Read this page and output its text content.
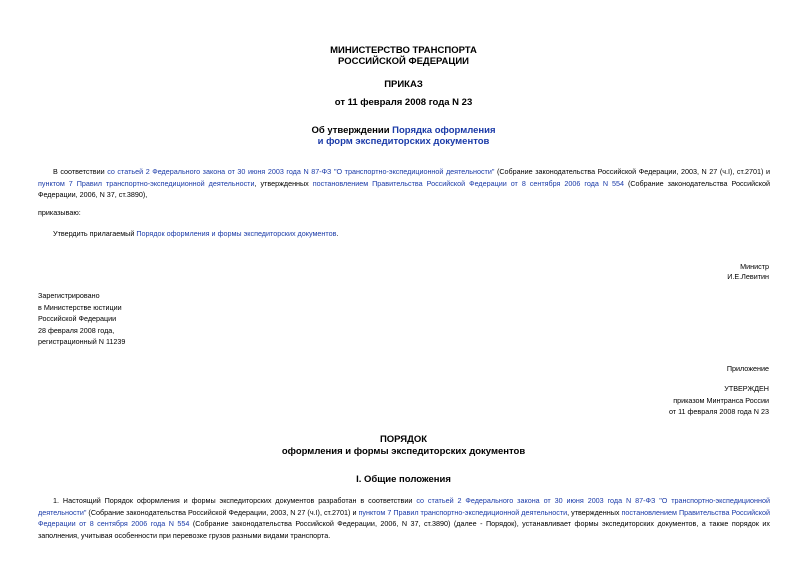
МИНИСТЕРСТВО ТРАНСПОРТА
РОССИЙСКОЙ ФЕДЕРАЦИИ
ПРИКАЗ
от 11 февраля 2008 года N 23
Об утверждении Порядка оформления
и форм экспедиторских документов
В соответствии со статьей 2 Федерального закона от 30 июня 2003 года N 87-ФЗ "О транспортно-экспедиционной деятельности" (Собрание законодательства Российской Федерации, 2003, N 27 (ч.I), ст.2701) и пунктом 7 Правил транспортно-экспедиционной деятельности, утвержденных постановлением Правительства Российской Федерации от 8 сентября 2006 года N 554 (Собрание законодательства Российской Федерации, 2006, N 37, ст.3890),
приказываю:
Утвердить прилагаемый Порядок оформления и формы экспедиторских документов.
Министр
И.Е.Левитин
Зарегистрировано
в Министерстве юстиции
Российской Федерации
28 февраля 2008 года,
регистрационный N 11239
Приложение
УТВЕРЖДЕН
приказом Минтранса России
от 11 февраля 2008 года N 23
ПОРЯДОК
оформления и формы экспедиторских документов
I. Общие положения
1. Настоящий Порядок оформления и формы экспедиторских документов разработан в соответствии со статьей 2 Федерального закона от 30 июня 2003 года N 87-ФЗ "О транспортно-экспедиционной деятельности" (Собрание законодательства Российской Федерации, 2003, N 27 (ч.I), ст.2701) и пунктом 7 Правил транспортно-экспедиционной деятельности, утвержденных постановлением Правительства Российской Федерации от 8 сентября 2006 года N 554 (Собрание законодательства Российской Федерации, 2006, N 37, ст.3890) (далее - Порядок), устанавливает формы экспедиторских документов, а также порядок их заполнения, учитывая особенности при перевозке грузов разными видами транспорта.
